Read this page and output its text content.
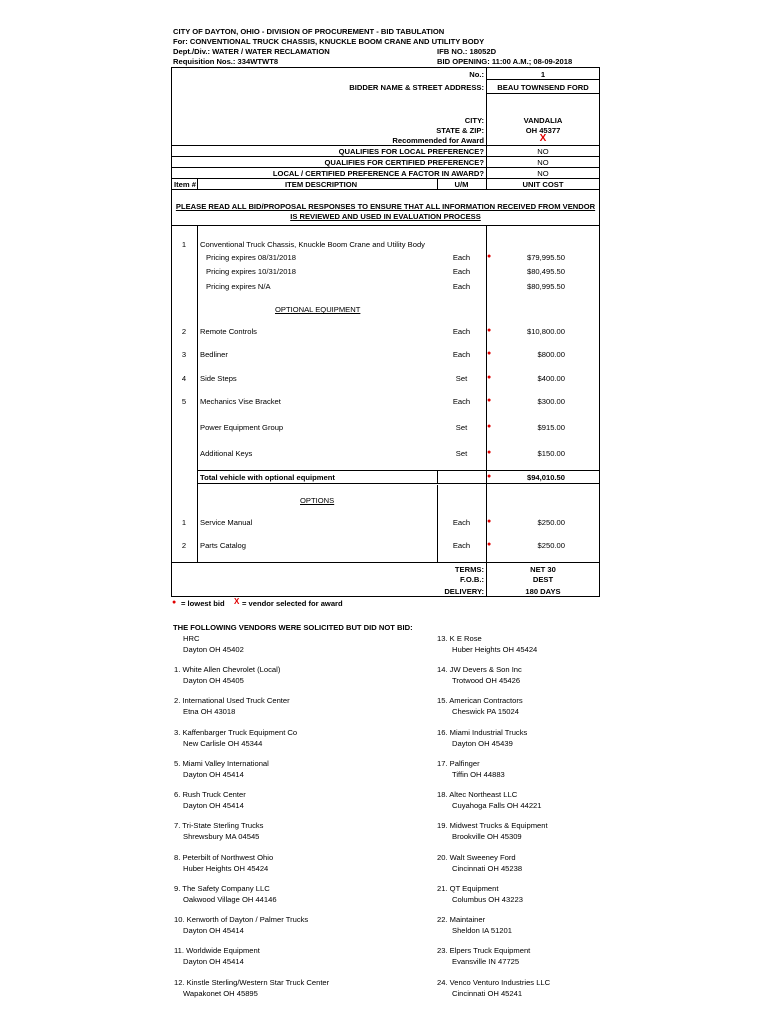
CITY OF DAYTON, OHIO - DIVISION OF PROCUREMENT - BID TABULATION
For: CONVENTIONAL TRUCK CHASSIS, KNUCKLE BOOM CRANE AND UTILITY BODY
Dept./Div.: WATER / WATER RECLAMATION	IFB NO.: 18052D
Requisition Nos.: 334WTWT8	BID OPENING: 11:00 A.M.; 08-09-2018
No.:	1
BIDDER NAME & STREET ADDRESS:	BEAU TOWNSEND FORD
CITY:	VANDALIA
STATE & ZIP:	OH 45377
Recommended for Award	X
QUALIFIES FOR LOCAL PREFERENCE?	NO
QUALIFIES FOR CERTIFIED PREFERENCE?	NO
LOCAL / CERTIFIED PREFERENCE A FACTOR IN AWARD?	NO
Item #	ITEM DESCRIPTION	U/M	UNIT COST
PLEASE READ ALL BID/PROPOSAL RESPONSES TO ENSURE THAT ALL INFORMATION RECEIVED FROM VENDOR
IS REVIEWED AND USED IN EVALUATION PROCESS
1	Conventional Truck Chassis, Knuckle Boom Crane and Utility Body
Pricing expires 08/31/2018	Each	●	$79,995.50
Pricing expires 10/31/2018	Each	$80,495.50
Pricing expires N/A	Each	$80,995.50
OPTIONAL EQUIPMENT
2	Remote Controls	Each	●	$10,800.00
3	Bedliner	Each	●	$800.00
4	Side Steps	Set	●	$400.00
5	Mechanics Vise Bracket	Each	●	$300.00
Power Equipment Group	Set	●	$915.00
Additional Keys	Set	●	$150.00
Total vehicle with optional equipment	●	$94,010.50
OPTIONS
1	Service Manual	Each	●	$250.00
2	Parts Catalog	Each	●	$250.00
TERMS:	NET 30
F.O.B.:	DEST
DELIVERY:	180 DAYS
● = lowest bid X = vendor selected for award
THE FOLLOWING VENDORS WERE SOLICITED BUT DID NOT BID:
HRC
Dayton OH 45402
1. White Allen Chevrolet (Local)
Dayton OH 45405
2. International Used Truck Center
Etna OH 43018
3. Kaffenbarger Truck Equipment Co
New Carlisle OH 45344
5. Miami Valley International
Dayton OH 45414
6. Rush Truck Center
Dayton OH 45414
7. Tri-State Sterling Trucks
Shrewsbury MA 04545
8. Peterbilt of Northwest Ohio
Huber Heights OH 45424
9. The Safety Company LLC
Oakwood Village OH 44146
10. Kenworth of Dayton / Palmer Trucks
Dayton OH 45414
11. Worldwide Equipment
Dayton OH 45414
12. Kinstle Sterling/Western Star Truck Center
Wapakonet OH 45895
13. K E Rose
Huber Heights OH 45424
14. JW Devers & Son Inc
Trotwood OH 45426
15. American Contractors
Cheswick PA 15024
16. Miami Industrial Trucks
Dayton OH 45439
17. Palfinger
Tiffin OH 44883
18. Altec Northeast LLC
Cuyahoga Falls OH 44221
19. Midwest Trucks & Equipment
Brookville OH 45309
20. Walt Sweeney Ford
Cincinnati OH 45238
21. QT Equipment
Columbus OH 43223
22. Maintainer
Sheldon IA 51201
23. Elpers Truck Equipment
Evansville IN 47725
24. Venco Venturo Industries LLC
Cincinnati OH 45241
